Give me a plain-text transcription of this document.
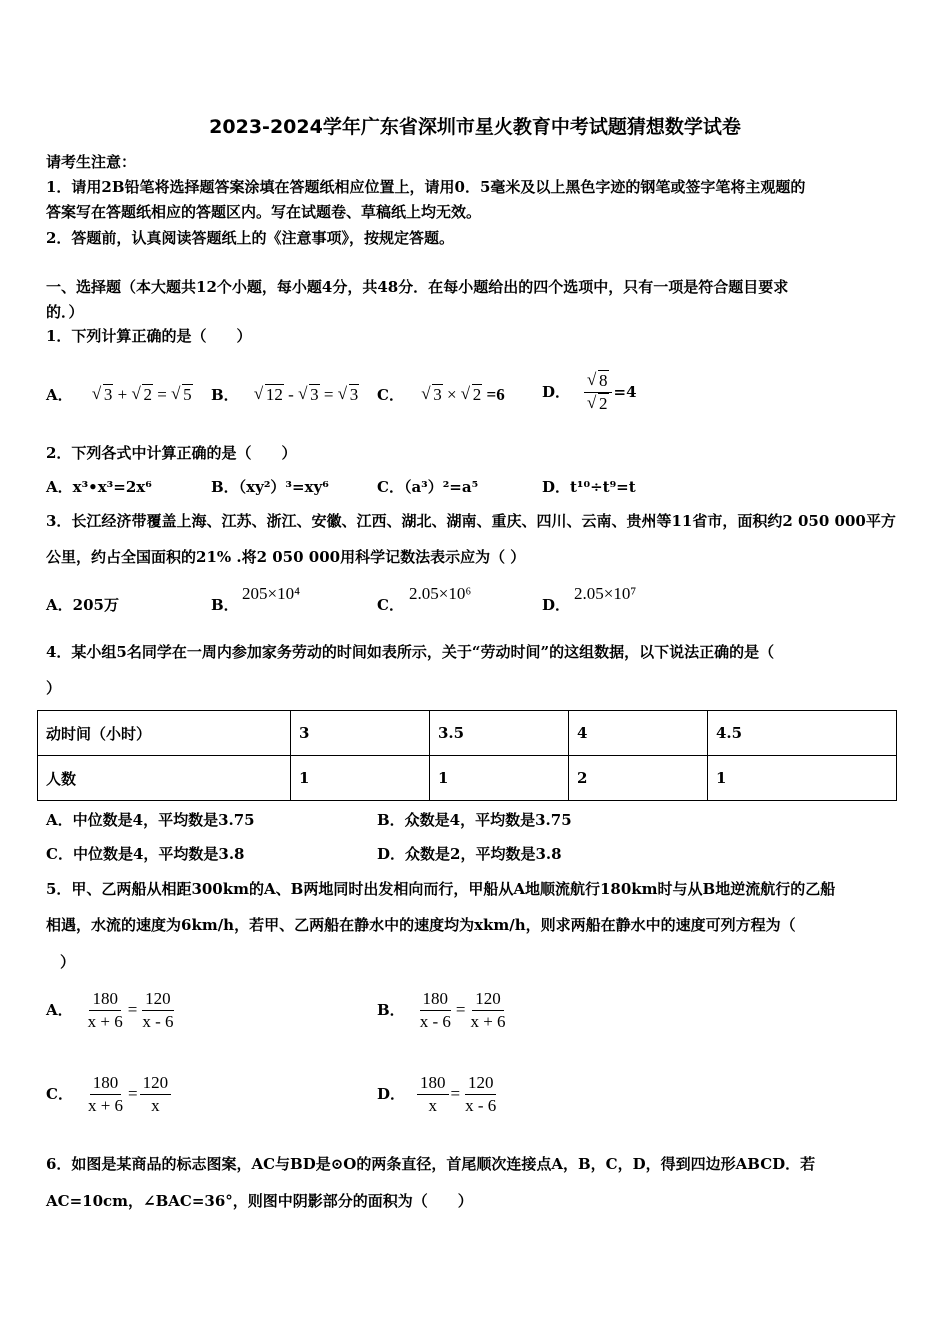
2023-2024学年广东省深圳市星火教育中考试题猜想数学试卷
请考生注意：
1．请用2B铅笔将选择题答案涂填在答题纸相应位置上，请用0．5毫米及以上黑色字迹的钢笔或签字笔将主观题的
答案写在答题纸相应的答题区内。写在试题卷、草稿纸上均无效。
2．答题前，认真阅读答题纸上的《注意事项》，按规定答题。
一、选择题（本大题共12个小题，每小题4分，共48分．在每小题给出的四个选项中，只有一项是符合题目要求
的．）
1．下列计算正确的是（　　）
A． √ 3 + √ 2 = √ 5 B． √ 12 - √ 3 = √ 3 C． √ 3 × √ 2 =6 D． √ 8
√ 2 =4
2．下列各式中计算正确的是（　　）
A．x³•x³=2x⁶	B．（xy²）³=xy⁶	C．（a³）²=a⁵	D．t¹⁰÷t⁹=t
3．长江经济带覆盖上海、江苏、浙江、安徽、江西、湖北、湖南、重庆、四川、云南、贵州等11省市，面积约2 050 000平方
公里，约占全国面积的21% .将2 050 000用科学记数法表示应为（ ）
A．205万	B．
205×10⁴
C．
2.05×10⁶
D．
2.05×10⁷
4．某小组5名同学在一周内参加家务劳动的时间如表所示，关于“劳动时间”的这组数据，以下说法正确的是（
）
动时间（小时）	3	3.5	4	4.5
人数	1	1	2	1
A．中位数是4，平均数是3.75	B．众数是4，平均数是3.75
C．中位数是4，平均数是3.8	D．众数是2，平均数是3.8
5．甲、乙两船从相距300km的A、B两地同时出发相向而行，甲船从A地顺流航行180km时与从B地逆流航行的乙船
相遇，水流的速度为6km/h，若甲、乙两船在静水中的速度均为xkm/h，则求两船在静水中的速度可列方程为（
）
A． $\frac{180}{x + 6} = \frac{120}{x - 6}$	B． $\frac{180}{x - 6} = \frac{120}{x + 6}$
C． $\frac{180}{x + 6} = \frac{120}{x}$	D． $\frac{180}{x} = \frac{120}{x - 6}$
6．如图是某商品的标志图案，AC与BD是⊙O的两条直径，首尾顺次连接点A，B，C，D，得到四边形ABCD．若
AC=10cm，∠BAC=36°，则图中阴影部分的面积为（　　）
